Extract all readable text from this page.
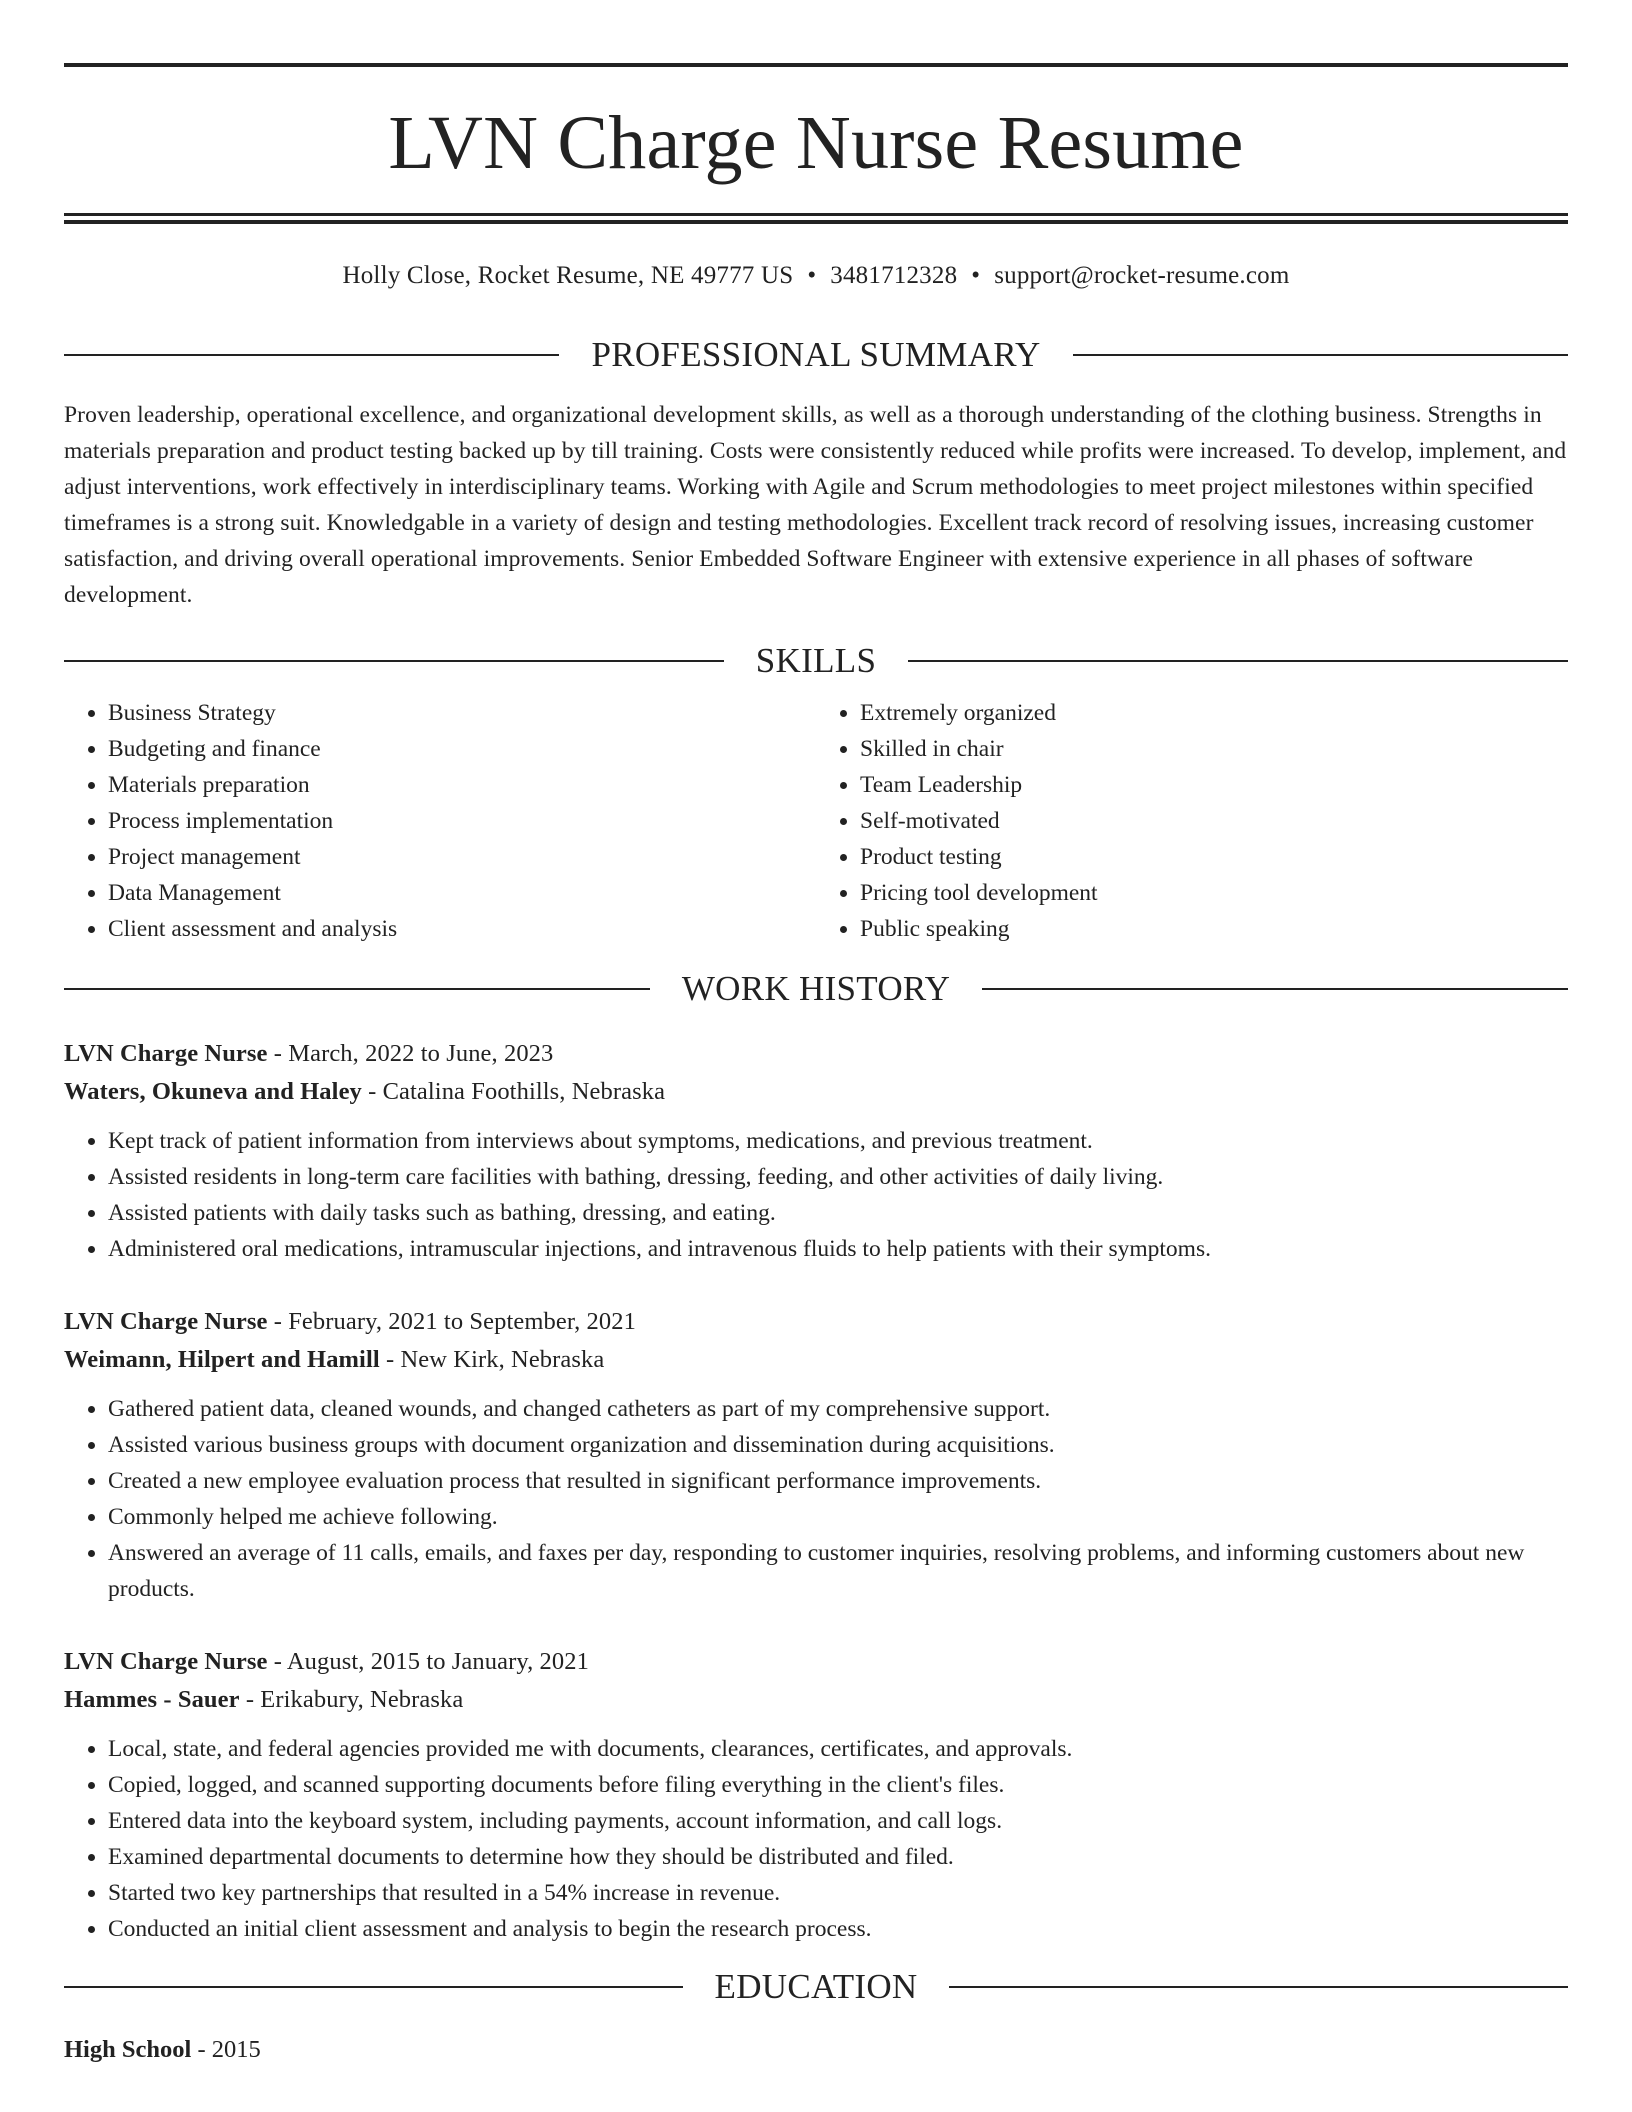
LVN Charge Nurse Resume
Holly Close, Rocket Resume, NE 49777 US • 3481712328 • support@rocket-resume.com
PROFESSIONAL SUMMARY
Proven leadership, operational excellence, and organizational development skills, as well as a thorough understanding of the clothing business. Strengths in materials preparation and product testing backed up by till training. Costs were consistently reduced while profits were increased. To develop, implement, and adjust interventions, work effectively in interdisciplinary teams. Working with Agile and Scrum methodologies to meet project milestones within specified timeframes is a strong suit. Knowledgable in a variety of design and testing methodologies. Excellent track record of resolving issues, increasing customer satisfaction, and driving overall operational improvements. Senior Embedded Software Engineer with extensive experience in all phases of software development.
SKILLS
• Business Strategy
• Budgeting and finance
• Materials preparation
• Process implementation
• Project management
• Data Management
• Client assessment and analysis
• Extremely organized
• Skilled in chair
• Team Leadership
• Self-motivated
• Product testing
• Pricing tool development
• Public speaking
WORK HISTORY
LVN Charge Nurse - March, 2022 to June, 2023
Waters, Okuneva and Haley - Catalina Foothills, Nebraska
• Kept track of patient information from interviews about symptoms, medications, and previous treatment.
• Assisted residents in long-term care facilities with bathing, dressing, feeding, and other activities of daily living.
• Assisted patients with daily tasks such as bathing, dressing, and eating.
• Administered oral medications, intramuscular injections, and intravenous fluids to help patients with their symptoms.
LVN Charge Nurse - February, 2021 to September, 2021
Weimann, Hilpert and Hamill - New Kirk, Nebraska
• Gathered patient data, cleaned wounds, and changed catheters as part of my comprehensive support.
• Assisted various business groups with document organization and dissemination during acquisitions.
• Created a new employee evaluation process that resulted in significant performance improvements.
• Commonly helped me achieve following.
• Answered an average of 11 calls, emails, and faxes per day, responding to customer inquiries, resolving problems, and informing customers about new products.
LVN Charge Nurse - August, 2015 to January, 2021
Hammes - Sauer - Erikabury, Nebraska
• Local, state, and federal agencies provided me with documents, clearances, certificates, and approvals.
• Copied, logged, and scanned supporting documents before filing everything in the client's files.
• Entered data into the keyboard system, including payments, account information, and call logs.
• Examined departmental documents to determine how they should be distributed and filed.
• Started two key partnerships that resulted in a 54% increase in revenue.
• Conducted an initial client assessment and analysis to begin the research process.
EDUCATION
High School - 2015
